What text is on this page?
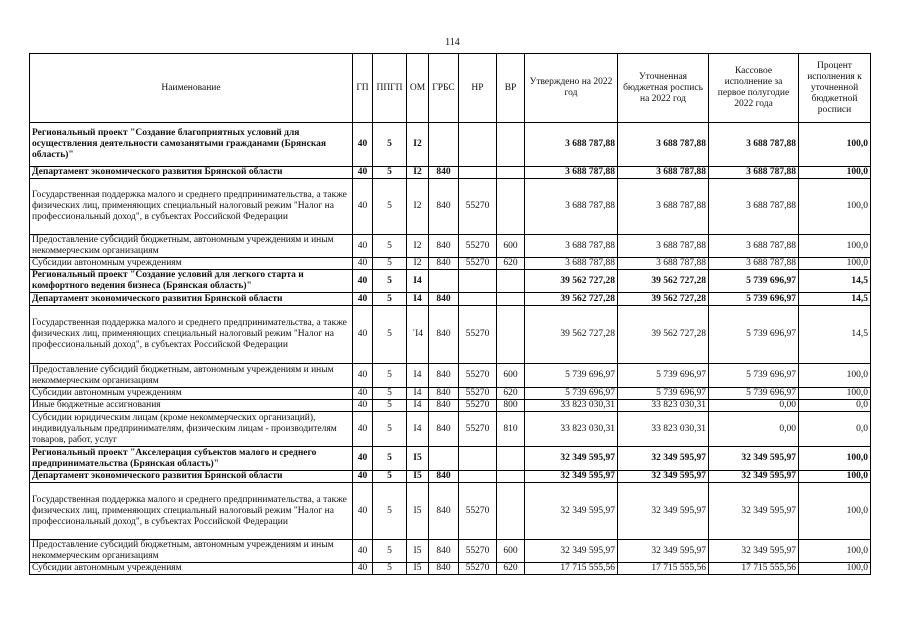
114
Наименование	ГП	ППГП	ОМ	ГРБС	НР	ВР	Утверждено на 2022 год	Уточненная бюджетная роспись на 2022 год	Кассовое исполнение за первое полугодие 2022 года	Процент исполнения к уточненной бюджетной росписи
Региональный проект "Создание благоприятных условий для осуществления деятельности самозанятыми гражданами (Брянская область)"	40	5	I2				3 688 787,88	3 688 787,88	3 688 787,88	100,0
Департамент экономического развития Брянской области	40	5	I2	840			3 688 787,88	3 688 787,88	3 688 787,88	100,0
Государственная поддержка малого и среднего предпринимательства, а также физических лиц, применяющих специальный налоговый режим "Налог на профессиональный доход", в субъектах Российской Федерации	40	5	I2	840	55270		3 688 787,88	3 688 787,88	3 688 787,88	100,0
Предоставление субсидий бюджетным, автономным учреждениям и иным некоммерческим организациям	40	5	I2	840	55270	600	3 688 787,88	3 688 787,88	3 688 787,88	100,0
Субсидии автономным учреждениям	40	5	I2	840	55270	620	3 688 787,88	3 688 787,88	3 688 787,88	100,0
Региональный проект "Создание условий для легкого старта и комфортного ведения бизнеса (Брянская область)"	40	5	I4				39 562 727,28	39 562 727,28	5 739 696,97	14,5
Департамент экономического развития Брянской области	40	5	I4	840			39 562 727,28	39 562 727,28	5 739 696,97	14,5
Государственная поддержка малого и среднего предпринимательства, а также физических лиц, применяющих специальный налоговый режим "Налог на профессиональный доход", в субъектах Российской Федерации	40	5	`I4	840	55270		39 562 727,28	39 562 727,28	5 739 696,97	14,5
Предоставление субсидий бюджетным, автономным учреждениям и иным некоммерческим организациям	40	5	I4	840	55270	600	5 739 696,97	5 739 696,97	5 739 696,97	100,0
Субсидии автономным учреждениям	40	5	I4	840	55270	620	5 739 696,97	5 739 696,97	5 739 696,97	100,0
Иные бюджетные ассигнования	40	5	I4	840	55270	800	33 823 030,31	33 823 030,31	0,00	0,0
Субсидии юридическим лицам (кроме некоммерческих организаций), индивидуальным предпринимателям, физическим лицам - производителям товаров, работ, услуг	40	5	I4	840	55270	810	33 823 030,31	33 823 030,31	0,00	0,0
Региональный проект "Акселерация субъектов малого и среднего предпринимательства (Брянская область)"	40	5	I5				32 349 595,97	32 349 595,97	32 349 595,97	100,0
Департамент экономического развития Брянской области	40	5	I5	840			32 349 595,97	32 349 595,97	32 349 595,97	100,0
Государственная поддержка малого и среднего предпринимательства, а также физических лиц, применяющих специальный налоговый режим "Налог на профессиональный доход", в субъектах Российской Федерации	40	5	I5	840	55270		32 349 595,97	32 349 595,97	32 349 595,97	100,0
Предоставление субсидий бюджетным, автономным учреждениям и иным некоммерческим организациям	40	5	I5	840	55270	600	32 349 595,97	32 349 595,97	32 349 595,97	100,0
Субсидии автономным учреждениям	40	5	I5	840	55270	620	17 715 555,56	17 715 555,56	17 715 555,56	100,0
